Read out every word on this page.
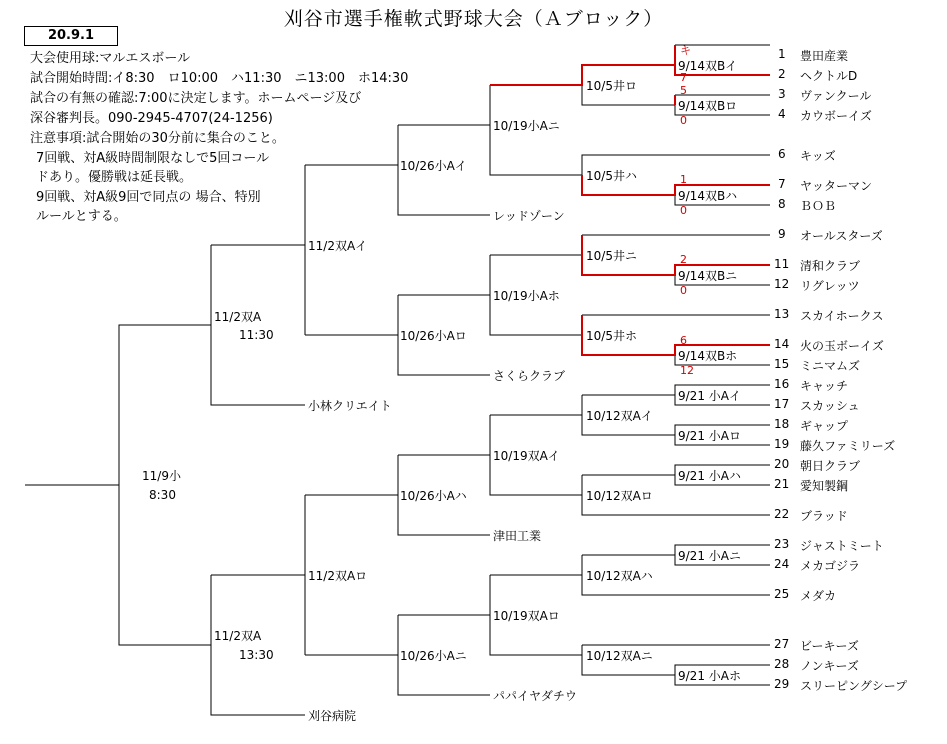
刈谷市選手権軟式野球大会（Ａブロック）
20.9.1
大会使用球:マルエスボール
試合開始時間:イ8:30　ロ10:00　ハ11:30　ニ13:00　ホ14:30
試合の有無の確認:7:00に決定します。ホームページ及び
深谷審判長。090-2945-4707(24-1256)
注意事項:試合開始の30分前に集合のこと。
7回戦、対A級時間制限なしで5回コール
ドあり。優勝戦は延長戦。
9回戦、対A級9回で同点の 場合、特別
ルールとする。
1 豊田産業
2 ヘクトルD
3 ヴァンクール
4 カウボーイズ
6 キッズ
7 ヤッターマン
8 ＢＯＢ
9 オールスターズ
11 清和クラブ
12 リグレッツ
13 スカイホークス
14 火の玉ボーイズ
15 ミニマムズ
16 キャッチ
17 スカッシュ
18 ギャップ
19 藤久ファミリーズ
20 朝日クラブ
21 愛知製鋼
22 ブラッド
23 ジャストミート
24 メカゴジラ
25 メダカ
27 ビーキーズ
28 ノンキーズ
29 スリーピングシープ
レッドゾーン
さくらクラブ
小林クリエイト
津田工業
パパイヤダチウ
刈谷病院
9/14双Bイ
9/14双Bロ
9/14双Bハ
9/14双Bニ
9/14双Bホ
9/21 小Aイ
9/21 小Aロ
9/21 小Aハ
9/21 小Aニ
9/21 小Aホ
10/5井ロ
10/5井ハ
10/5井ニ
10/5井ホ
10/12双Aイ
10/12双Aロ
10/12双Aハ
10/12双Aニ
10/19小Aニ
10/19小Aホ
10/19双Aイ
10/19双Aロ
10/26小Aイ
10/26小Aロ
10/26小Aハ
10/26小Aニ
11/2双Aイ
11/2双Aロ
11/2双A
11:30
11/2双A
13:30
11/9小
8:30
キ
7
5
0
1
0
2
0
6
12
